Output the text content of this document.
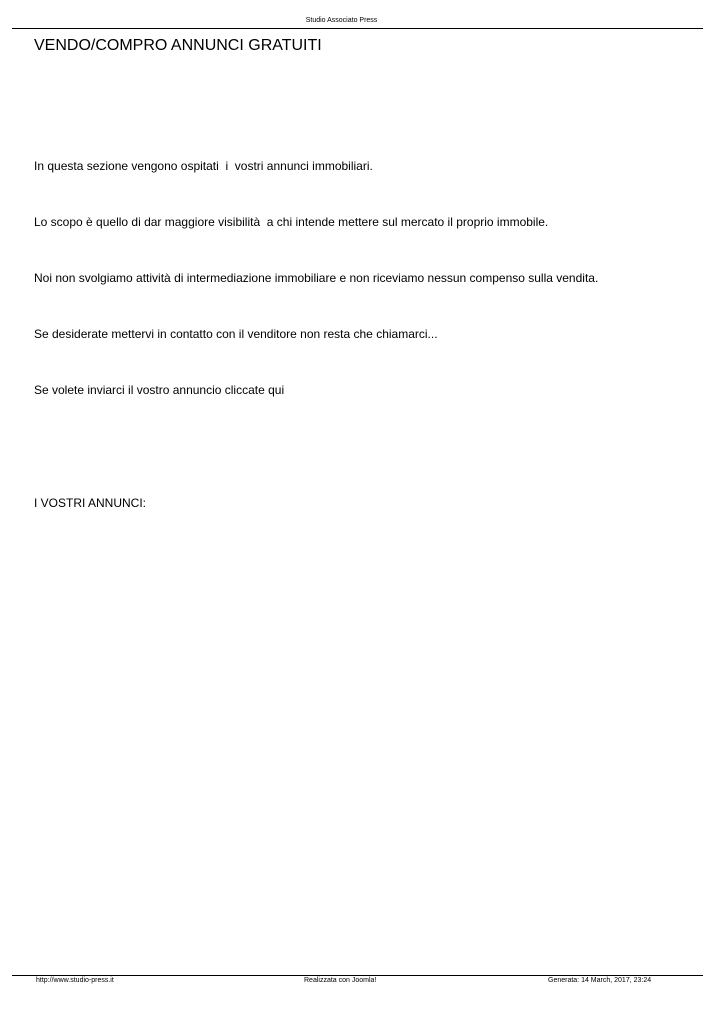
Studio Associato Press
VENDO/COMPRO ANNUNCI GRATUITI
In questa sezione vengono ospitati  i  vostri annunci immobiliari.
Lo scopo è quello di dar maggiore visibilità  a chi intende mettere sul mercato il proprio immobile.
Noi non svolgiamo attività di intermediazione immobiliare e non riceviamo nessun compenso sulla vendita.
Se desiderate mettervi in contatto con il venditore non resta che chiamarci...
Se volete inviarci il vostro annuncio cliccate qui
I VOSTRI ANNUNCI:
http://www.studio-press.it	Realizzata con Joomla!	Generata: 14 March, 2017, 23:24
